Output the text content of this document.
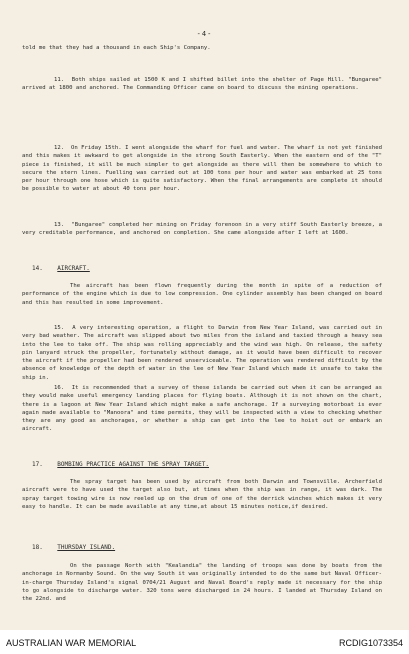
-4-

told me that they had a thousand in each Ship's Company.

11. Both ships sailed at 1500 K and I shifted billet into the shelter of Page Hill. "Bungaree" arrived at 1800 and anchored. The Commanding Officer came on board to discuss the mining operations.

12. On Friday 15th. I went alongside the wharf for fuel and water. The wharf is not yet finished and this makes it awkward to get alongside in the strong South Easterly. When the eastern end of the "T" piece is finished, it will be much simpler to get alongside as there will then be somewhere to which to secure the stern lines. Fuelling was carried out at 100 tons per hour and water was embarked at 25 tons per hour through one hose which is quite satisfactory. When the final arrangements are complete it should be possible to water at about 40 tons per hour.

13. "Bungaree" completed her mining on Friday forenoon in a very stiff South Easterly breeze, a very creditable performance, and anchored on completion. She came alongside after I left at 1600.

14. AIRCRAFT.

The aircraft has been flown frequently during the month in spite of a reduction of performance of the engine which is due to low compression. One cylinder assembly has been changed on board and this has resulted in some improvement.

15. A very interesting operation, a flight to Darwin from New Year Island, was carried out in very bad weather. The aircraft was slipped about two miles from the island and taxied through a heavy sea into the lee to take off. The ship was rolling appreciably and the wind was high. On release, the safety pin lanyard struck the propeller, fortunately without damage, as it would have been difficult to recover the aircraft if the propeller had been rendered unserviceable. The operation was rendered difficult by the absence of knowledge of the depth of water in the lee of New Year Island which made it unsafe to take the ship in.

16. It is recommended that a survey of these islands be carried out when it can be arranged as they would make useful emergency landing places for flying boats. Although it is not shown on the chart, there is a lagoon at New Year Island which might make a safe anchorage. If a surveying motorboat is ever again made available to "Manoora" and time permits, they will be inspected with a view to checking whether they are any good as anchorages, or whether a ship can get into the lee to hoist out or embark an aircraft.

17. BOMBING PRACTICE AGAINST THE SPRAY TARGET.

The spray target has been used by aircraft from both Darwin and Townsville. Archerfield aircraft were to have used the target also but, at times when the ship was in range, it was dark. The spray target towing wire is now reeled up on the drum of one of the derrick winches which makes it very easy to handle. It can be made available at any time,at about 15 minutes notice,if desired.

18. THURSDAY ISLAND.

On the passage North with "Kealandia" the landing of troops was done by boats from the anchorage in Normanby Sound. On the way South it was originally intended to do the same but Naval Officer-in-charge Thursday Island's signal 0704/21 August and Naval Board's reply made it necessary for the ship to go alongside to discharge water. 320 tons were discharged in 24 hours. I landed at Thursday Island on the 22nd. and

AUSTRALIAN WAR MEMORIAL	RCDIG1073354
